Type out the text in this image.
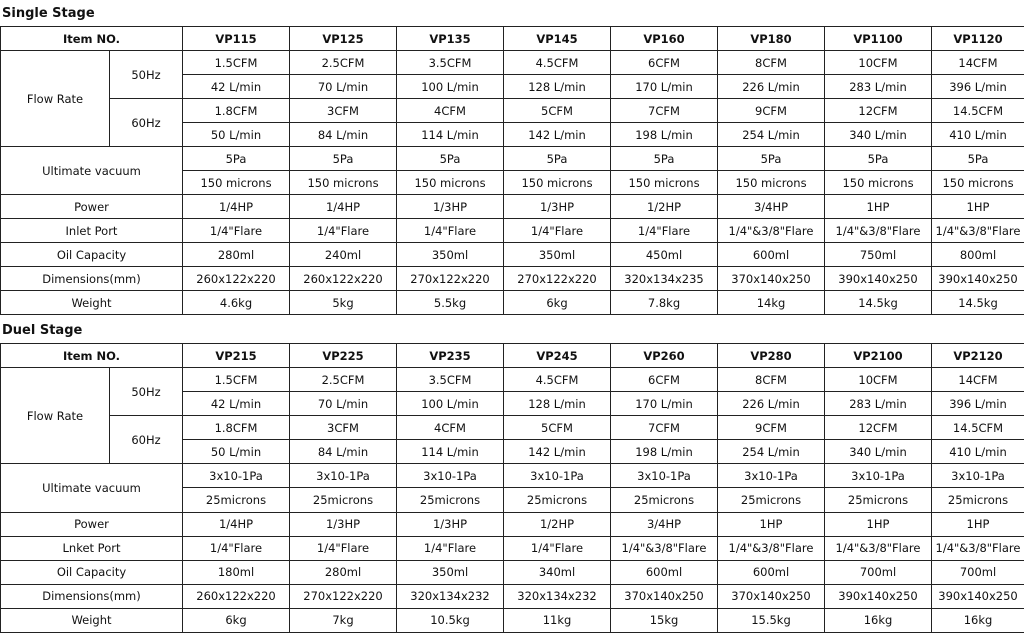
Single Stage
Item NO.		VP115	VP125	VP135	VP145	VP160	VP180	VP1100	VP1120
Flow Rate	50Hz	1.5CFM	2.5CFM	3.5CFM	4.5CFM	6CFM	8CFM	10CFM	14CFM
		42 L/min	70 L/min	100 L/min	128 L/min	170 L/min	226 L/min	283 L/min	396 L/min
	60Hz	1.8CFM	3CFM	4CFM	5CFM	7CFM	9CFM	12CFM	14.5CFM
		50 L/min	84 L/min	114 L/min	142 L/min	198 L/min	254 L/min	340 L/min	410 L/min
Ultimate vacuum		5Pa	5Pa	5Pa	5Pa	5Pa	5Pa	5Pa	5Pa
		150 microns	150 microns	150 microns	150 microns	150 microns	150 microns	150 microns	150 microns
Power		1/4HP	1/4HP	1/3HP	1/3HP	1/2HP	3/4HP	1HP	1HP
Inlet Port		1/4"Flare	1/4"Flare	1/4"Flare	1/4"Flare	1/4"Flare	1/4"&3/8"Flare	1/4"&3/8"Flare	1/4"&3/8"Flare
Oil Capacity		280ml	240ml	350ml	350ml	450ml	600ml	750ml	800ml
Dimensions(mm)		260x122x220	260x122x220	270x122x220	270x122x220	320x134x235	370x140x250	390x140x250	390x140x250
Weight		4.6kg	5kg	5.5kg	6kg	7.8kg	14kg	14.5kg	14.5kg
Duel Stage
Item NO.		VP215	VP225	VP235	VP245	VP260	VP280	VP2100	VP2120
Flow Rate	50Hz	1.5CFM	2.5CFM	3.5CFM	4.5CFM	6CFM	8CFM	10CFM	14CFM
		42 L/min	70 L/min	100 L/min	128 L/min	170 L/min	226 L/min	283 L/min	396 L/min
	60Hz	1.8CFM	3CFM	4CFM	5CFM	7CFM	9CFM	12CFM	14.5CFM
		50 L/min	84 L/min	114 L/min	142 L/min	198 L/min	254 L/min	340 L/min	410 L/min
Ultimate vacuum		3x10-1Pa	3x10-1Pa	3x10-1Pa	3x10-1Pa	3x10-1Pa	3x10-1Pa	3x10-1Pa	3x10-1Pa
		25microns	25microns	25microns	25microns	25microns	25microns	25microns	25microns
Power		1/4HP	1/3HP	1/3HP	1/2HP	3/4HP	1HP	1HP	1HP
Lnket Port		1/4"Flare	1/4"Flare	1/4"Flare	1/4"Flare	1/4"&3/8"Flare	1/4"&3/8"Flare	1/4"&3/8"Flare	1/4"&3/8"Flare
Oil Capacity		180ml	280ml	350ml	340ml	600ml	600ml	700ml	700ml
Dimensions(mm)		260x122x220	270x122x220	320x134x232	320x134x232	370x140x250	370x140x250	390x140x250	390x140x250
Weight		6kg	7kg	10.5kg	11kg	15kg	15.5kg	16kg	16kg
